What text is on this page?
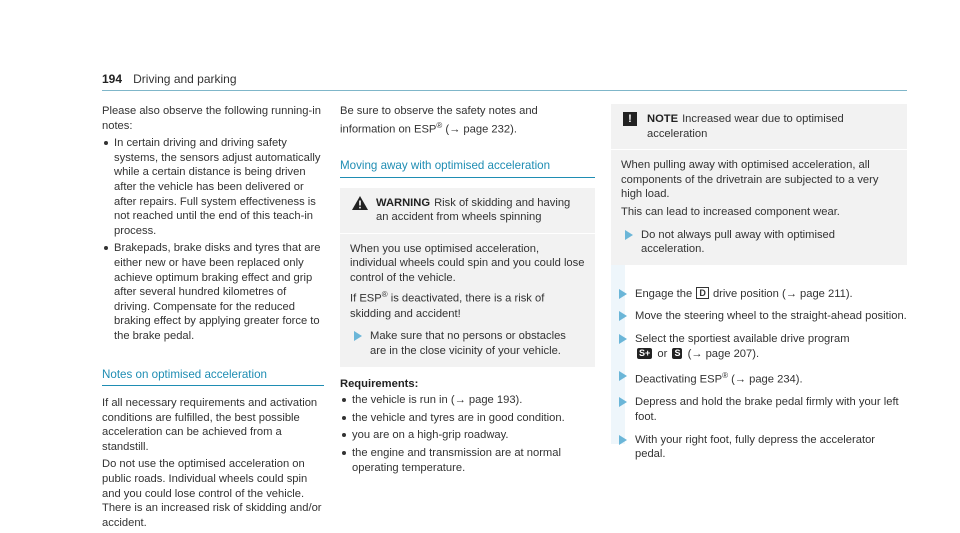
194 Driving and parking

Please also observe the following running-in notes:

In certain driving and driving safety systems, the sensors adjust automatically while a certain distance is being driven after the vehicle has been delivered or after repairs. Full system effectiveness is not reached until the end of this teach-in process.
Brakepads, brake disks and tyres that are either new or have been replaced only achieve optimum braking effect and grip after several hundred kilometres of driving. Compensate for the reduced braking effect by applying greater force to the brake pedal.
Notes on optimised acceleration

If all necessary requirements and activation conditions are fulfilled, the best possible acceleration can be achieved from a standstill.

Do not use the optimised acceleration on public roads. Individual wheels could spin and you could lose control of the vehicle. There is an increased risk of skidding and/or accident.

Be sure to observe the safety notes and information on ESP® (→ page 232).

Moving away with optimised acceleration
WARNING Risk of skidding and having an accident from wheels spinning

When you use optimised acceleration, individual wheels could spin and you could lose control of the vehicle.

If ESP® is deactivated, there is a risk of skidding and accident!

Make sure that no persons or obstacles are in the close vicinity of your vehicle.
Requirements:
the vehicle is run in (→ page 193).
the vehicle and tyres are in good condition.
you are on a high-grip roadway.
the engine and transmission are at normal operating temperature.
!	NOTE Increased wear due to optimised acceleration

When pulling away with optimised acceleration, all components of the drivetrain are subjected to a very high load.

This can lead to increased component wear.

Do not always pull away with optimised acceleration.
Engage the D drive position (→ page 211).
Move the steering wheel to the straight-ahead position.
Select the sportiest available drive program
S+ or S (→ page 207).
Deactivating ESP® (→ page 234).
Depress and hold the brake pedal firmly with your left foot.
With your right foot, fully depress the accelerator pedal.
